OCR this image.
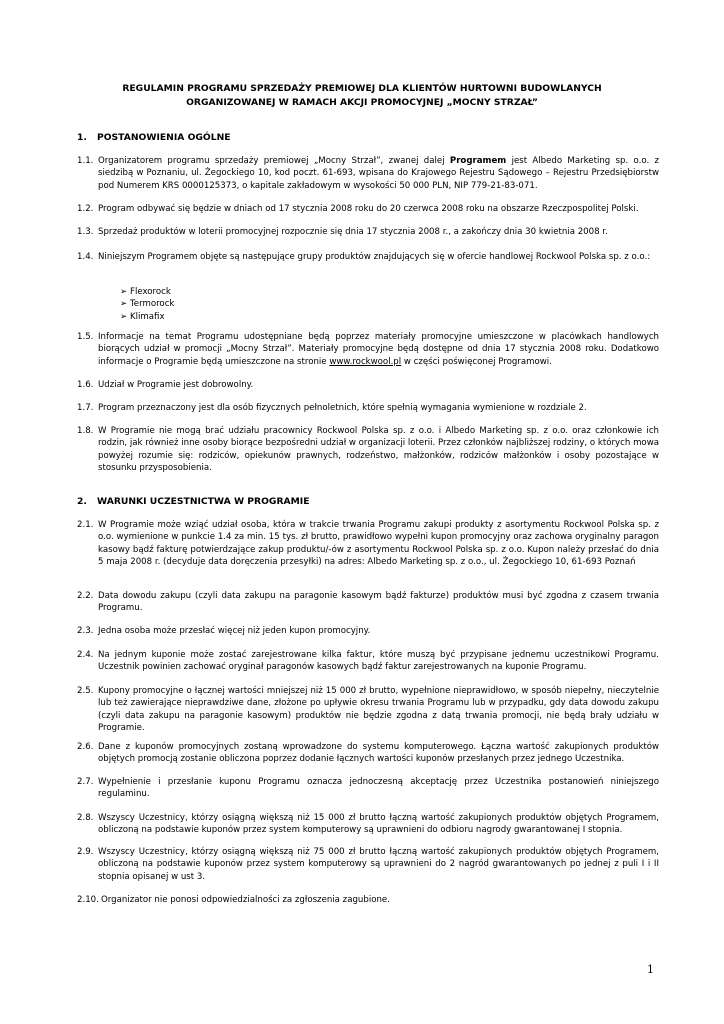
REGULAMIN PROGRAMU SPRZEDAŻY PREMIOWEJ DLA KLIENTÓW HURTOWNI BUDOWLANYCH
ORGANIZOWANEJ W RAMACH AKCJI PROMOCYJNEJ „MOCNY STRZAŁ”
1. POSTANOWIENIA OGÓLNE
1.1. Organizatorem programu sprzedaży premiowej „Mocny Strzał”, zwanej dalej Programem jest Albedo Marketing sp. o.o. z siedzibą w Poznaniu, ul. Żegockiego 10, kod poczt. 61-693, wpisana do Krajowego Rejestru Sądowego – Rejestru Przedsiębiorstw pod Numerem KRS 0000125373, o kapitale zakładowym w wysokości 50 000 PLN, NIP 779-21-83-071.
1.2. Program odbywać się będzie w dniach od 17 stycznia 2008 roku do 20 czerwca 2008 roku na obszarze Rzeczpospolitej Polski.
1.3. Sprzedaż produktów w loterii promocyjnej rozpocznie się dnia 17 stycznia 2008 r., a zakończy dnia 30 kwietnia 2008 r.
1.4. Niniejszym Programem objęte są następujące grupy produktów znajdujących się w ofercie handlowej Rockwool Polska sp. z o.o.:
➢ Flexorock
➢ Termorock
➢ Klimafix
1.5. Informacje na temat Programu udostępniane będą poprzez materiały promocyjne umieszczone w placówkach handlowych biorących udział w promocji „Mocny Strzał”. Materiały promocyjne będą dostępne od dnia 17 stycznia 2008 roku. Dodatkowo informacje o Programie będą umieszczone na stronie www.rockwool.pl w części poświęconej Programowi.
1.6. Udział w Programie jest dobrowolny.
1.7. Program przeznaczony jest dla osób fizycznych pełnoletnich, które spełnią wymagania wymienione w rozdziale 2.
1.8. W Programie nie mogą brać udziału pracownicy Rockwool Polska sp. z o.o. i Albedo Marketing sp. z o.o. oraz członkowie ich rodzin, jak również inne osoby biorące bezpośredni udział w organizacji loterii. Przez członków najbliższej rodziny, o których mowa powyżej rozumie się: rodziców, opiekunów prawnych, rodzeństwo, małżonków, rodziców małżonków i osoby pozostające w stosunku przysposobienia.
2. WARUNKI UCZESTNICTWA W PROGRAMIE
2.1. W Programie może wziąć udział osoba, która w trakcie trwania Programu zakupi produkty z asortymentu Rockwool Polska sp. z o.o. wymienione w punkcie 1.4 za min. 15 tys. zł brutto, prawidłowo wypełni kupon promocyjny oraz zachowa oryginalny paragon kasowy bądź fakturę potwierdzające zakup produktu/-ów z asortymentu Rockwool Polska sp. z o.o. Kupon należy przesłać do dnia 5 maja 2008 r. (decyduje data doręczenia przesyłki) na adres: Albedo Marketing sp. z o.o., ul. Żegockiego 10, 61-693 Poznań
2.2. Data dowodu zakupu (czyli data zakupu na paragonie kasowym bądź fakturze) produktów musi być zgodna z czasem trwania Programu.
2.3. Jedna osoba może przesłać więcej niż jeden kupon promocyjny.
2.4. Na jednym kuponie może zostać zarejestrowane kilka faktur, które muszą być przypisane jednemu uczestnikowi Programu. Uczestnik powinien zachować oryginał paragonów kasowych bądź faktur zarejestrowanych na kuponie Programu.
2.5. Kupony promocyjne o łącznej wartości mniejszej niż 15 000 zł brutto, wypełnione nieprawidłowo, w sposób niepełny, nieczytelnie lub też zawierające nieprawdziwe dane, złożone po upływie okresu trwania Programu lub w przypadku, gdy data dowodu zakupu (czyli data zakupu na paragonie kasowym) produktów nie będzie zgodna z datą trwania promocji, nie będą brały udziału w Programie.
2.6. Dane z kuponów promocyjnych zostaną wprowadzone do systemu komputerowego. Łączna wartość zakupionych produktów objętych promocją zostanie obliczona poprzez dodanie łącznych wartości kuponów przesłanych przez jednego Uczestnika.
2.7. Wypełnienie i przesłanie kuponu Programu oznacza jednoczesną akceptację przez Uczestnika postanowień niniejszego regulaminu.
2.8. Wszyscy Uczestnicy, którzy osiągną większą niż 15 000 zł brutto łączną wartość zakupionych produktów objętych Programem, obliczoną na podstawie kuponów przez system komputerowy są uprawnieni do odbioru nagrody gwarantowanej I stopnia.
2.9. Wszyscy Uczestnicy, którzy osiągną większą niż 75 000 zł brutto łączną wartość zakupionych produktów objętych Programem, obliczoną na podstawie kuponów przez system komputerowy są uprawnieni do 2 nagród gwarantowanych po jednej z puli I i II stopnia opisanej w ust 3.
2.10. Organizator nie ponosi odpowiedzialności za zgłoszenia zagubione.
1
